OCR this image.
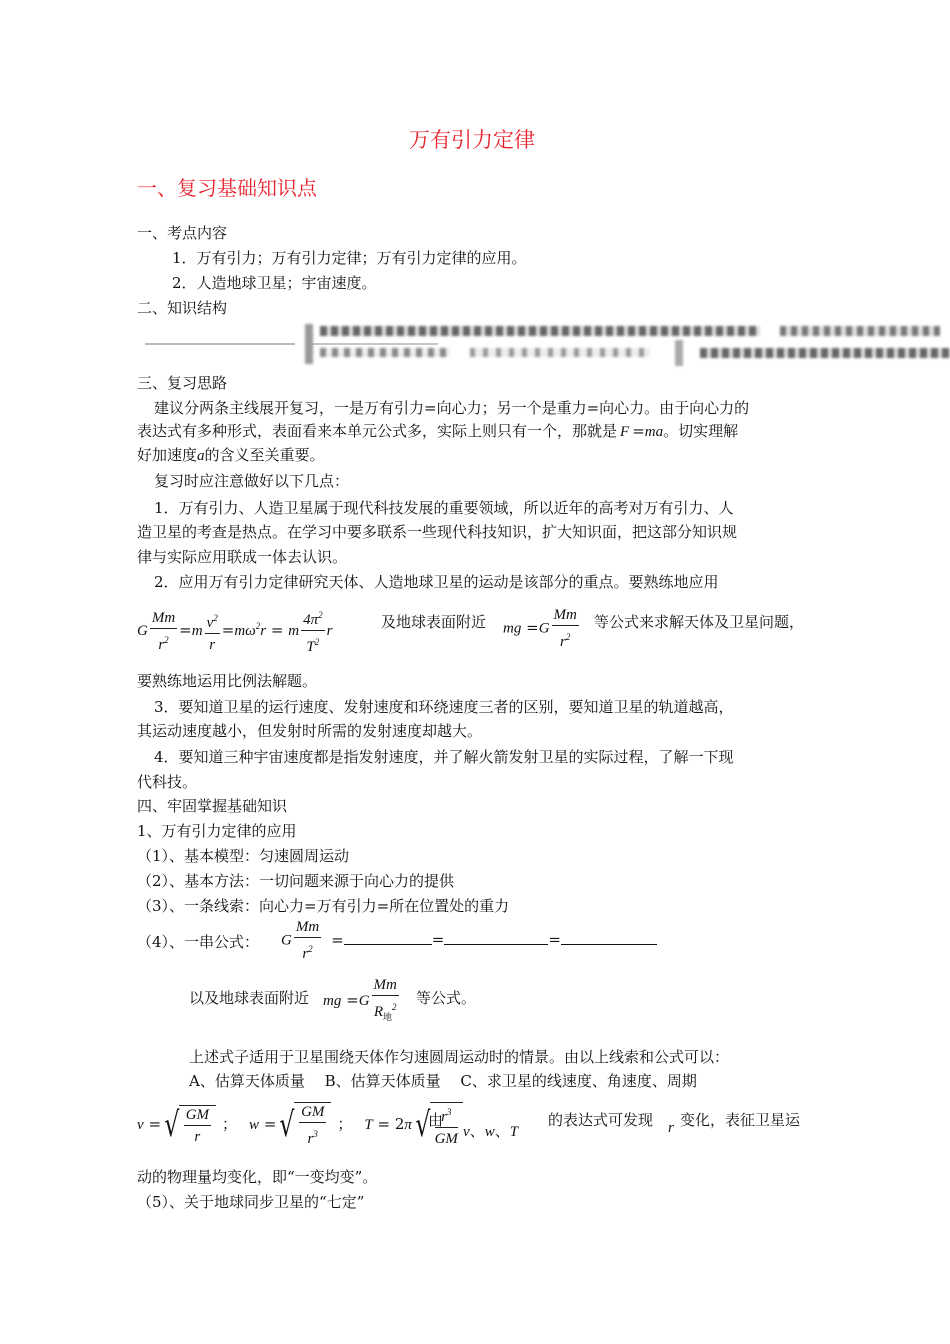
万有引力定律
一、复习基础知识点
一、考点内容
1．万有引力；万有引力定律；万有引力定律的应用。
2．人造地球卫星；宇宙速度。
二、知识结构
三、复习思路
建议分两条主线展开复习，一是万有引力=向心力；另一个是重力=向心力。由于向心力的
表达式有多种形式，表面看来本单元公式多，实际上则只有一个，那就是 F =ma。切实理解
好加速度a的含义至关重要。
复习时应注意做好以下几点：
1．万有引力、人造卫星属于现代科技发展的重要领域，所以近年的高考对万有引力、人
造卫星的考查是热点。在学习中要多联系一些现代科技知识，扩大知识面，把这部分知识规
律与实际应用联成一体去认识。
2．应用万有引力定律研究天体、人造地球卫星的运动是该部分的重点。要熟练地应用
G $\frac{Mm}{r^2} =m \frac{v^2}{r} =m\omega^2r = m \frac{4\pi^2}{T^2}$ r	及地球表面附近 mg $=G \frac{Mm}{r^2}$ 等公式来求解天体及卫星问题，
要熟练地运用比例法解题。
3．要知道卫星的运行速度、发射速度和环绕速度三者的区别，要知道卫星的轨道越高，
其运动速度越小，但发射时所需的发射速度却越大。
4．要知道三种宇宙速度都是指发射速度，并了解火箭发射卫星的实际过程，了解一下现
代科技。
四、牢固掌握基础知识
1、万有引力定律的应用
（1）、基本模型：匀速圆周运动
（2）、基本方法：一切问题来源于向心力的提供
（3）、一条线索：向心力=万有引力=所在位置处的重力
（4）、一串公式： G $\frac{Mm}{r^2}$ =	=	=
以及地球表面附近 mg $=G \frac{Mm}{R_地^2}$ 等公式。
上述式子适用于卫星围绕天体作匀速圆周运动时的情景。由以上线索和公式可以：
A、估算天体质量　 B、估算天体质量　 C、求卫星的线速度、角速度、周期
v =√ $\frac{GM}{r}$ ； w =√ $\frac{GM}{r^3}$ ； $T = 2\pi√ \frac{r^3}{GM}$
由
v、w、T
的表达式可发现 r 变化，表征卫星运
动的物理量均变化，即“一变均变”。
（5）、关于地球同步卫星的“七定”
